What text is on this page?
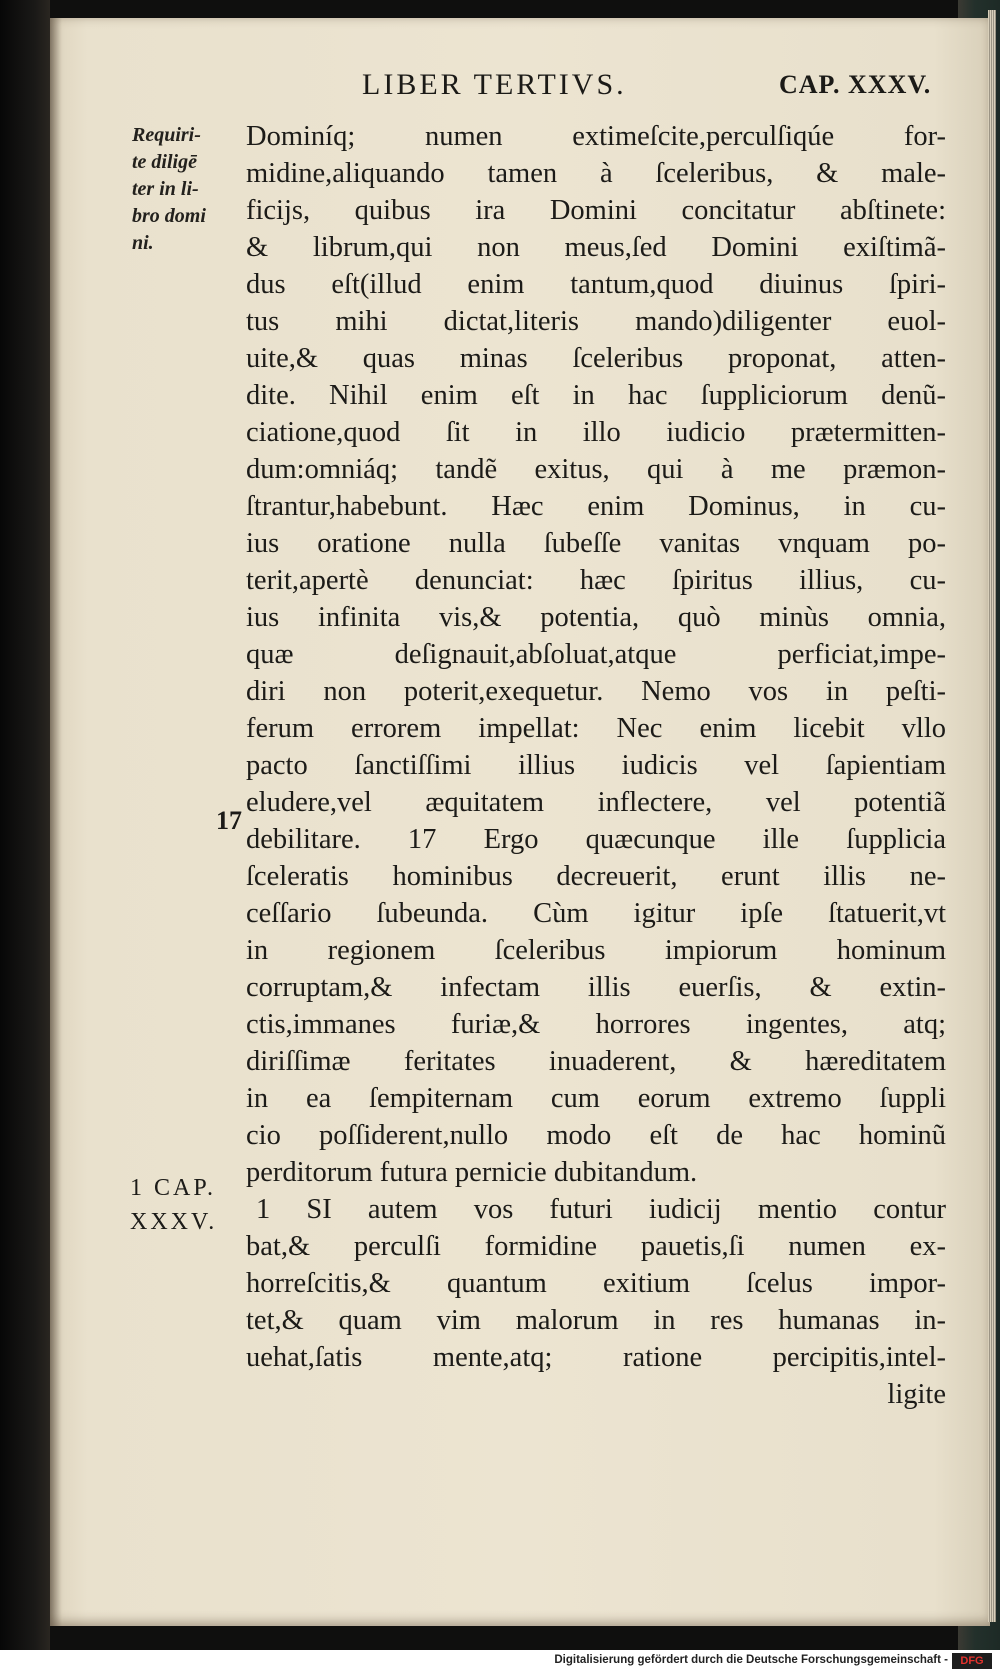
LIBER TERTIVS.	CAP. XXXV.
Requiri-
te diligē
ter in li-
bro domi
ni.
17
1 CAP.
XXXV.
Dominíq; numen extimeſcite,perculſiqúe for-
midine,aliquando tamen à ſceleribus, & male-
ficijs, quibus ira Domini concitatur abſtinete:
& librum,qui non meus,ſed Domini exiſtimã-
dus eſt(illud enim tantum,quod diuinus ſpiri-
tus mihi dictat,literis mando)diligenter euol-
uite,& quas minas ſceleribus proponat, atten-
dite. Nihil enim eſt in hac ſuppliciorum denũ-
ciatione,quod ſit in illo iudicio prætermitten-
dum:omniáq; tandẽ exitus, qui à me præmon-
ſtrantur,habebunt. Hæc enim Dominus, in cu-
ius oratione nulla ſubeſſe vanitas vnquam po-
terit,apertè denunciat: hæc ſpiritus illius, cu-
ius infinita vis,& potentia, quò minùs omnia,
quæ deſignauit,abſoluat,atque perficiat,impe-
diri non poterit,exequetur. Nemo vos in peſti-
ferum errorem impellat: Nec enim licebit vllo
pacto ſanctiſſimi illius iudicis vel ſapientiam
eludere,vel æquitatem inflectere, vel potentiã
debilitare. 17 Ergo quæcunque ille ſupplicia
ſceleratis hominibus decreuerit, erunt illis ne-
ceſſario ſubeunda. Cùm igitur ipſe ſtatuerit,vt
in regionem ſceleribus impiorum hominum
corruptam,& infectam illis euerſis, & extin-
ctis,immanes furiæ,& horrores ingentes, atq;
diriſſimæ feritates inuaderent, & hæreditatem
in ea ſempiternam cum eorum extremo ſuppli
cio poſſiderent,nullo modo eſt de hac hominũ
perditorum futura pernicie dubitandum.
1 SI autem vos futuri iudicij mentio contur
bat,& perculſi formidine pauetis,ſi numen ex-
horreſcitis,& quantum exitium ſcelus impor-
tet,& quam vim malorum in res humanas in-
uehat,ſatis mente,atq; ratione percipitis,intel-
ligite
Digitalisierung gefördert durch die Deutsche Forschungsgemeinschaft -	DFG
